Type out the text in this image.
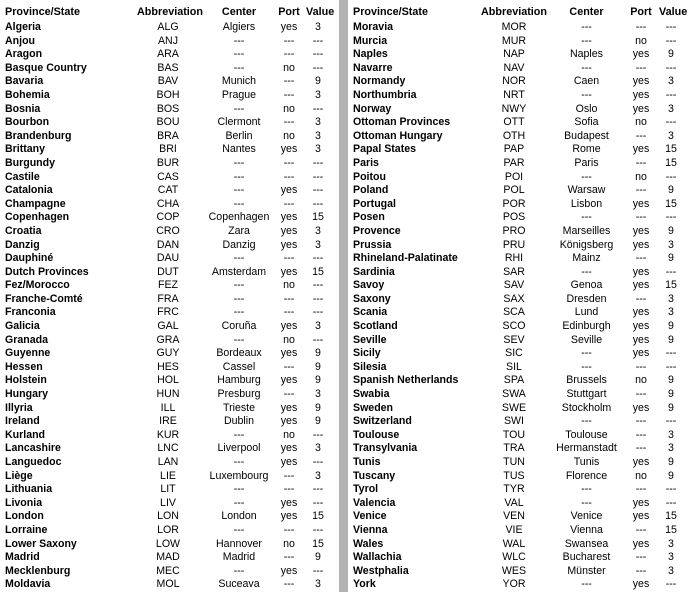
Province/State	Abbreviation	Center	Port Value
Algeria	ALG	Algiers	yes	3
Anjou	ANJ	---	---	---
Aragon	ARA	---	---	---
Basque Country	BAS	---	no	---
Bavaria	BAV	Munich	---	9
Bohemia	BOH	Prague	---	3
Bosnia	BOS	---	no	---
Bourbon	BOU	Clermont	---	3
Brandenburg	BRA	Berlin	no	3
Brittany	BRI	Nantes	yes	3
Burgundy	BUR	---	---	---
Castile	CAS	---	---	---
Catalonia	CAT	---	yes	---
Champagne	CHA	---	---	---
Copenhagen	COP	Copenhagen	yes	15
Croatia	CRO	Zara	yes	3
Danzig	DAN	Danzig	yes	3
Dauphiné	DAU	---	---	---
Dutch Provinces	DUT	Amsterdam	yes	15
Fez/Morocco	FEZ	---	no	---
Franche-Comté	FRA	---	---	---
Franconia	FRC	---	---	---
Galicia	GAL	Coruña	yes	3
Granada	GRA	---	no	---
Guyenne	GUY	Bordeaux	yes	9
Hessen	HES	Cassel	---	9
Holstein	HOL	Hamburg	yes	9
Hungary	HUN	Presburg	---	3
Illyria	ILL	Trieste	yes	9
Ireland	IRE	Dublin	yes	9
Kurland	KUR	---	no	---
Lancashire	LNC	Liverpool	yes	3
Languedoc	LAN	---	yes	---
Liège	LIE	Luxembourg	---	3
Lithuania	LIT	---	---	---
Livonia	LIV	---	yes	---
London	LON	London	yes	15
Lorraine	LOR	---	---	---
Lower Saxony	LOW	Hannover	no	15
Madrid	MAD	Madrid	---	9
Mecklenburg	MEC	---	yes	---
Moldavia	MOL	Suceava	---	3
Province/State	Abbreviation	Center	Port Value
Moravia	MOR	---	---	---
Murcia	MUR	---	no	---
Naples	NAP	Naples	yes	9
Navarre	NAV	---	---	---
Normandy	NOR	Caen	yes	3
Northumbria	NRT	---	yes	---
Norway	NWY	Oslo	yes	3
Ottoman Provinces	OTT	Sofia	no	---
Ottoman Hungary	OTH	Budapest	---	3
Papal States	PAP	Rome	yes	15
Paris	PAR	Paris	---	15
Poitou	POI	---	no	---
Poland	POL	Warsaw	---	9
Portugal	POR	Lisbon	yes	15
Posen	POS	---	---	---
Provence	PRO	Marseilles	yes	9
Prussia	PRU	Königsberg	yes	3
Rhineland-Palatinate	RHI	Mainz	---	9
Sardinia	SAR	---	yes	---
Savoy	SAV	Genoa	yes	15
Saxony	SAX	Dresden	---	3
Scania	SCA	Lund	yes	3
Scotland	SCO	Edinburgh	yes	9
Seville	SEV	Seville	yes	9
Sicily	SIC	---	yes	---
Silesia	SIL	---	---	---
Spanish Netherlands	SPA	Brussels	no	9
Swabia	SWA	Stuttgart	---	9
Sweden	SWE	Stockholm	yes	9
Switzerland	SWI	---	---	---
Toulouse	TOU	Toulouse	---	3
Transylvania	TRA	Hermanstadt	---	3
Tunis	TUN	Tunis	yes	9
Tuscany	TUS	Florence	no	9
Tyrol	TYR	---	---	---
Valencia	VAL	---	yes	---
Venice	VEN	Venice	yes	15
Vienna	VIE	Vienna	---	15
Wales	WAL	Swansea	yes	3
Wallachia	WLC	Bucharest	---	3
Westphalia	WES	Münster	---	3
York	YOR	---	yes	---
